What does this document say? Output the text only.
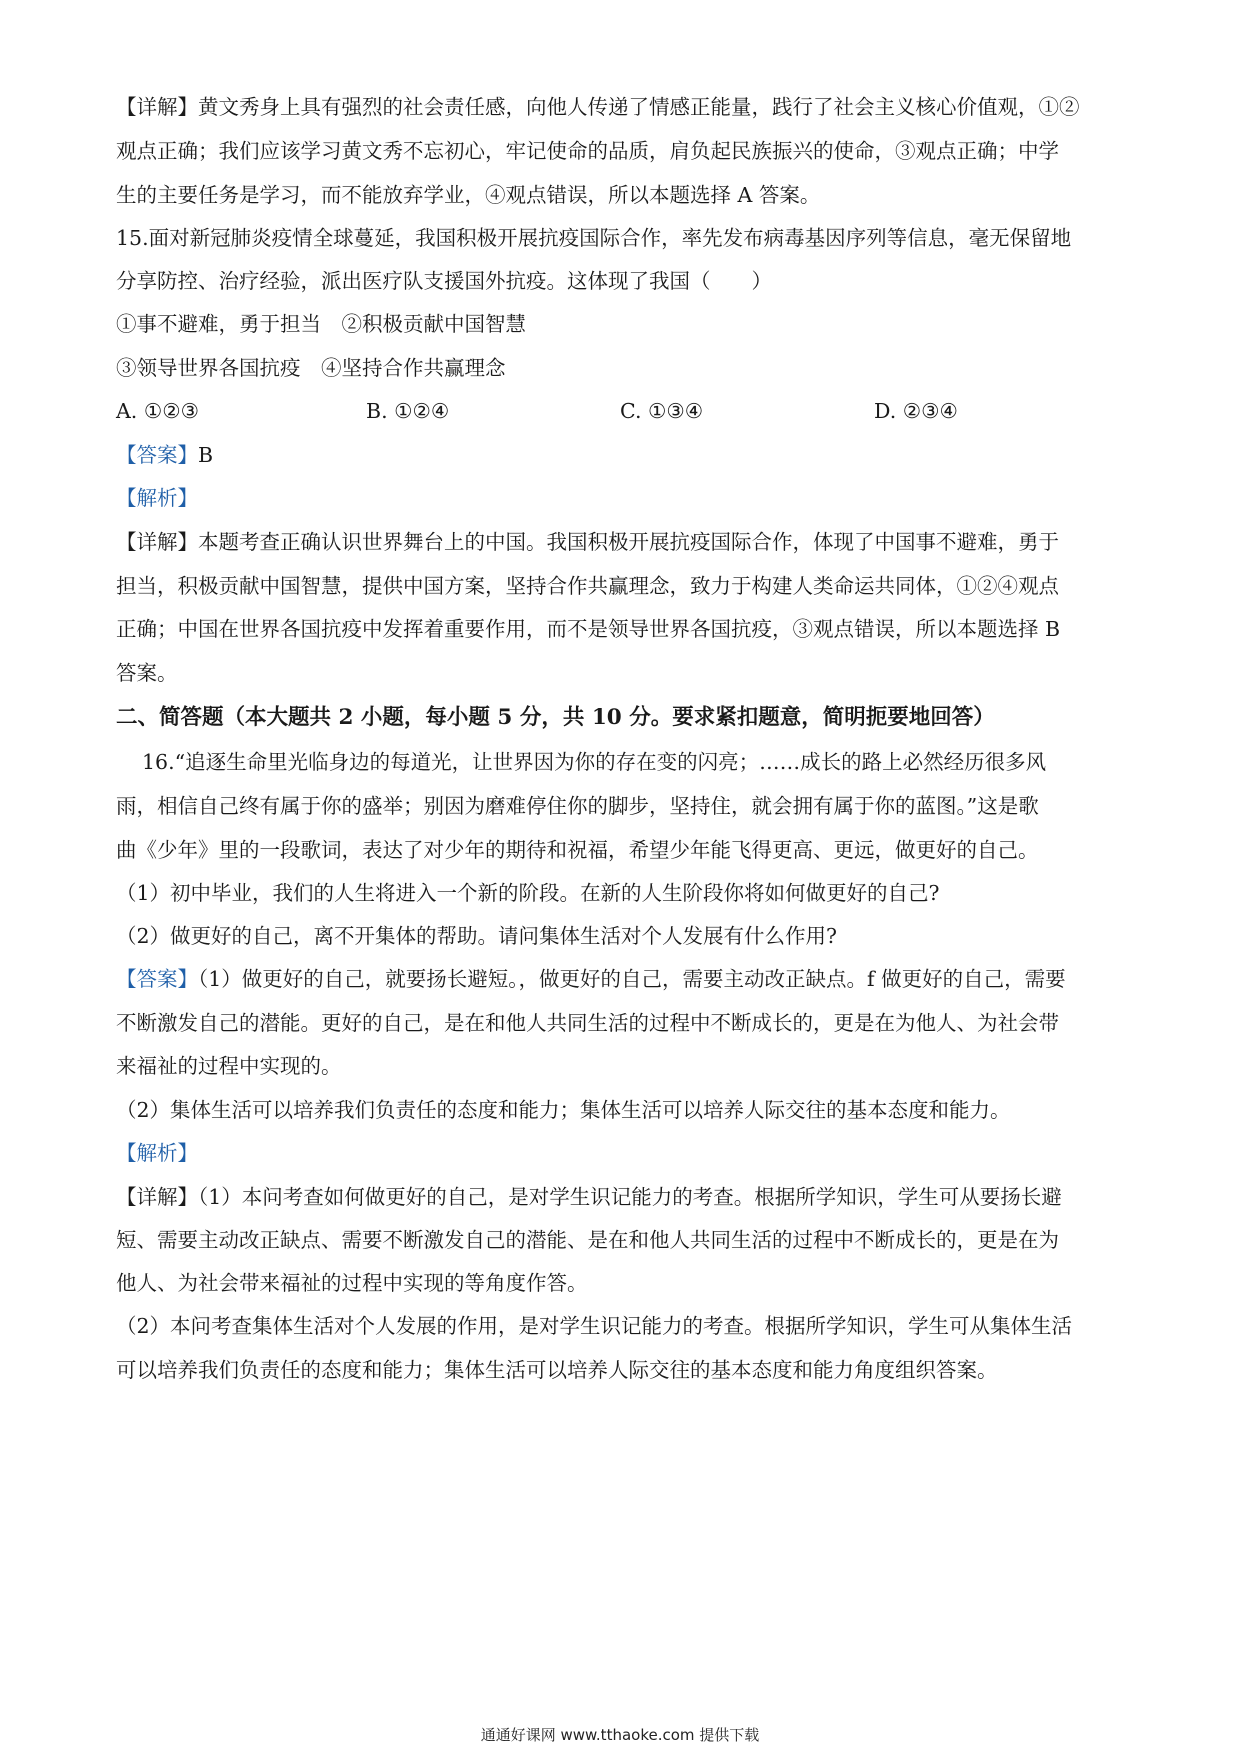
【详解】黄文秀身上具有强烈的社会责任感，向他人传递了情感正能量，践行了社会主义核心价值观，①②
观点正确；我们应该学习黄文秀不忘初心，牢记使命的品质，肩负起民族振兴的使命，③观点正确；中学
生的主要任务是学习，而不能放弃学业，④观点错误，所以本题选择 A 答案。
15.面对新冠肺炎疫情全球蔓延，我国积极开展抗疫国际合作，率先发布病毒基因序列等信息，毫无保留地
分享防控、治疗经验，派出医疗队支援国外抗疫。这体现了我国（　　）
①事不避难，勇于担当　②积极贡献中国智慧
③领导世界各国抗疫　④坚持合作共赢理念
A. ①②③	B. ①②④	C. ①③④	D. ②③④
【答案】B
【解析】
【详解】本题考查正确认识世界舞台上的中国。我国积极开展抗疫国际合作，体现了中国事不避难，勇于
担当，积极贡献中国智慧，提供中国方案，坚持合作共赢理念，致力于构建人类命运共同体，①②④观点
正确；中国在世界各国抗疫中发挥着重要作用，而不是领导世界各国抗疫，③观点错误，所以本题选择 B
答案。
二、简答题（本大题共 2 小题，每小题 5 分，共 10 分。要求紧扣题意，简明扼要地回答）
16.“追逐生命里光临身边的每道光，让世界因为你的存在变的闪亮；……成长的路上必然经历很多风
雨，相信自己终有属于你的盛举；别因为磨难停住你的脚步，坚持住，就会拥有属于你的蓝图。”这是歌
曲《少年》里的一段歌词，表达了对少年的期待和祝福，希望少年能飞得更高、更远，做更好的自己。
（1）初中毕业，我们的人生将进入一个新的阶段。在新的人生阶段你将如何做更好的自己?
（2）做更好的自己，离不开集体的帮助。请问集体生活对个人发展有什么作用?
【答案】（1）做更好的自己，就要扬长避短。，做更好的自己，需要主动改正缺点。f 做更好的自己，需要
不断激发自己的潜能。更好的自己，是在和他人共同生活的过程中不断成长的，更是在为他人、为社会带
来福祉的过程中实现的。
（2）集体生活可以培养我们负责任的态度和能力；集体生活可以培养人际交往的基本态度和能力。
【解析】
【详解】（1）本问考查如何做更好的自己，是对学生识记能力的考查。根据所学知识，学生可从要扬长避
短、需要主动改正缺点、需要不断激发自己的潜能、是在和他人共同生活的过程中不断成长的，更是在为
他人、为社会带来福祉的过程中实现的等角度作答。
（2）本问考查集体生活对个人发展的作用，是对学生识记能力的考查。根据所学知识，学生可从集体生活
可以培养我们负责任的态度和能力；集体生活可以培养人际交往的基本态度和能力角度组织答案。
通通好课网 www.tthaoke.com 提供下载
